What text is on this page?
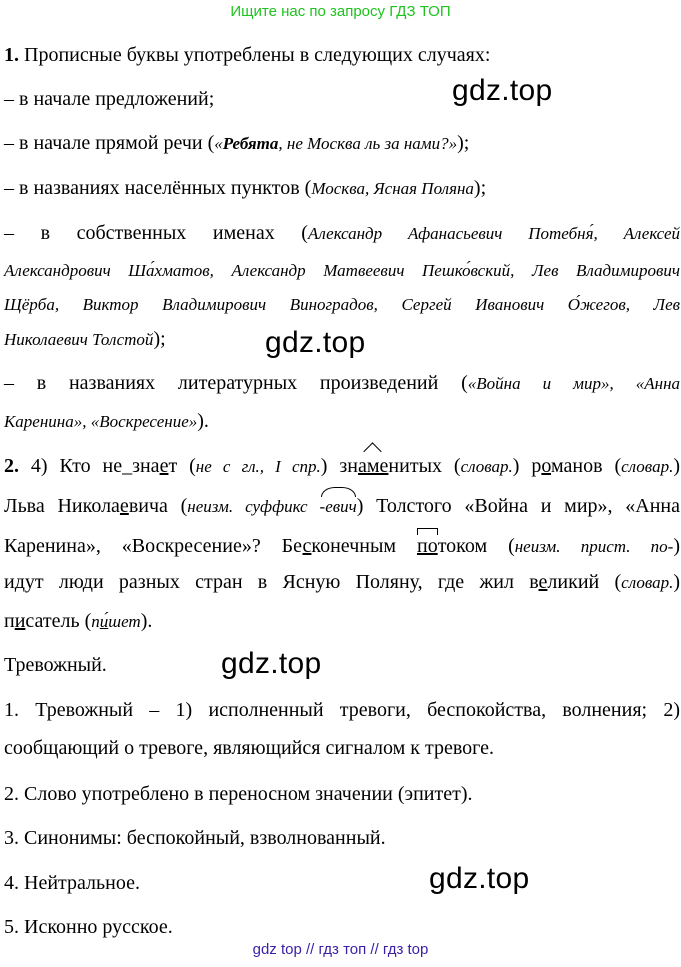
Ищите нас по запросу ГДЗ ТОП
gdz.top
gdz.top
gdz.top
gdz.top
1. Прописные буквы употреблены в следующих случаях:
– в начале предложений;
– в начале прямой речи («Ребята, не Москва ль за нами?»);
– в названиях населённых пунктов (Москва, Ясная Поляна);
– в собственных именах (Александр Афанасьевич Потебня́, Алексей
Александрович Ша́хматов, Александр Матвеевич Пешко́вский, Лев Владимирович
Щёрба, Виктор Владимирович Виноградов, Сергей Иванович О́жегов, Лев
Николаевич Толстой);
– в названиях литературных произведений («Война и мир», «Анна
Каренина», «Воскресение»).
2. 4) Кто не_знает (не с гл., I спр.) знаменитых (словар.) романов (словар.)
Льва Николаевича (неизм. суффикс -евич) Толстого «Война и мир», «Анна
Каренина», «Воскресение»? Бесконечным потоком (неизм. прист. по-)
идут люди разных стран в Ясную Поляну, где жил великий (словар.)
писатель (пи́шет).
Тревожный.
1. Тревожный – 1) исполненный тревоги, беспокойства, волнения; 2)
сообщающий о тревоге, являющийся сигналом к тревоге.
2. Слово употреблено в переносном значении (эпитет).
3. Синонимы: беспокойный, взволнованный.
4. Нейтральное.
5. Исконно русское.
gdz top // гдз топ // гдз top
